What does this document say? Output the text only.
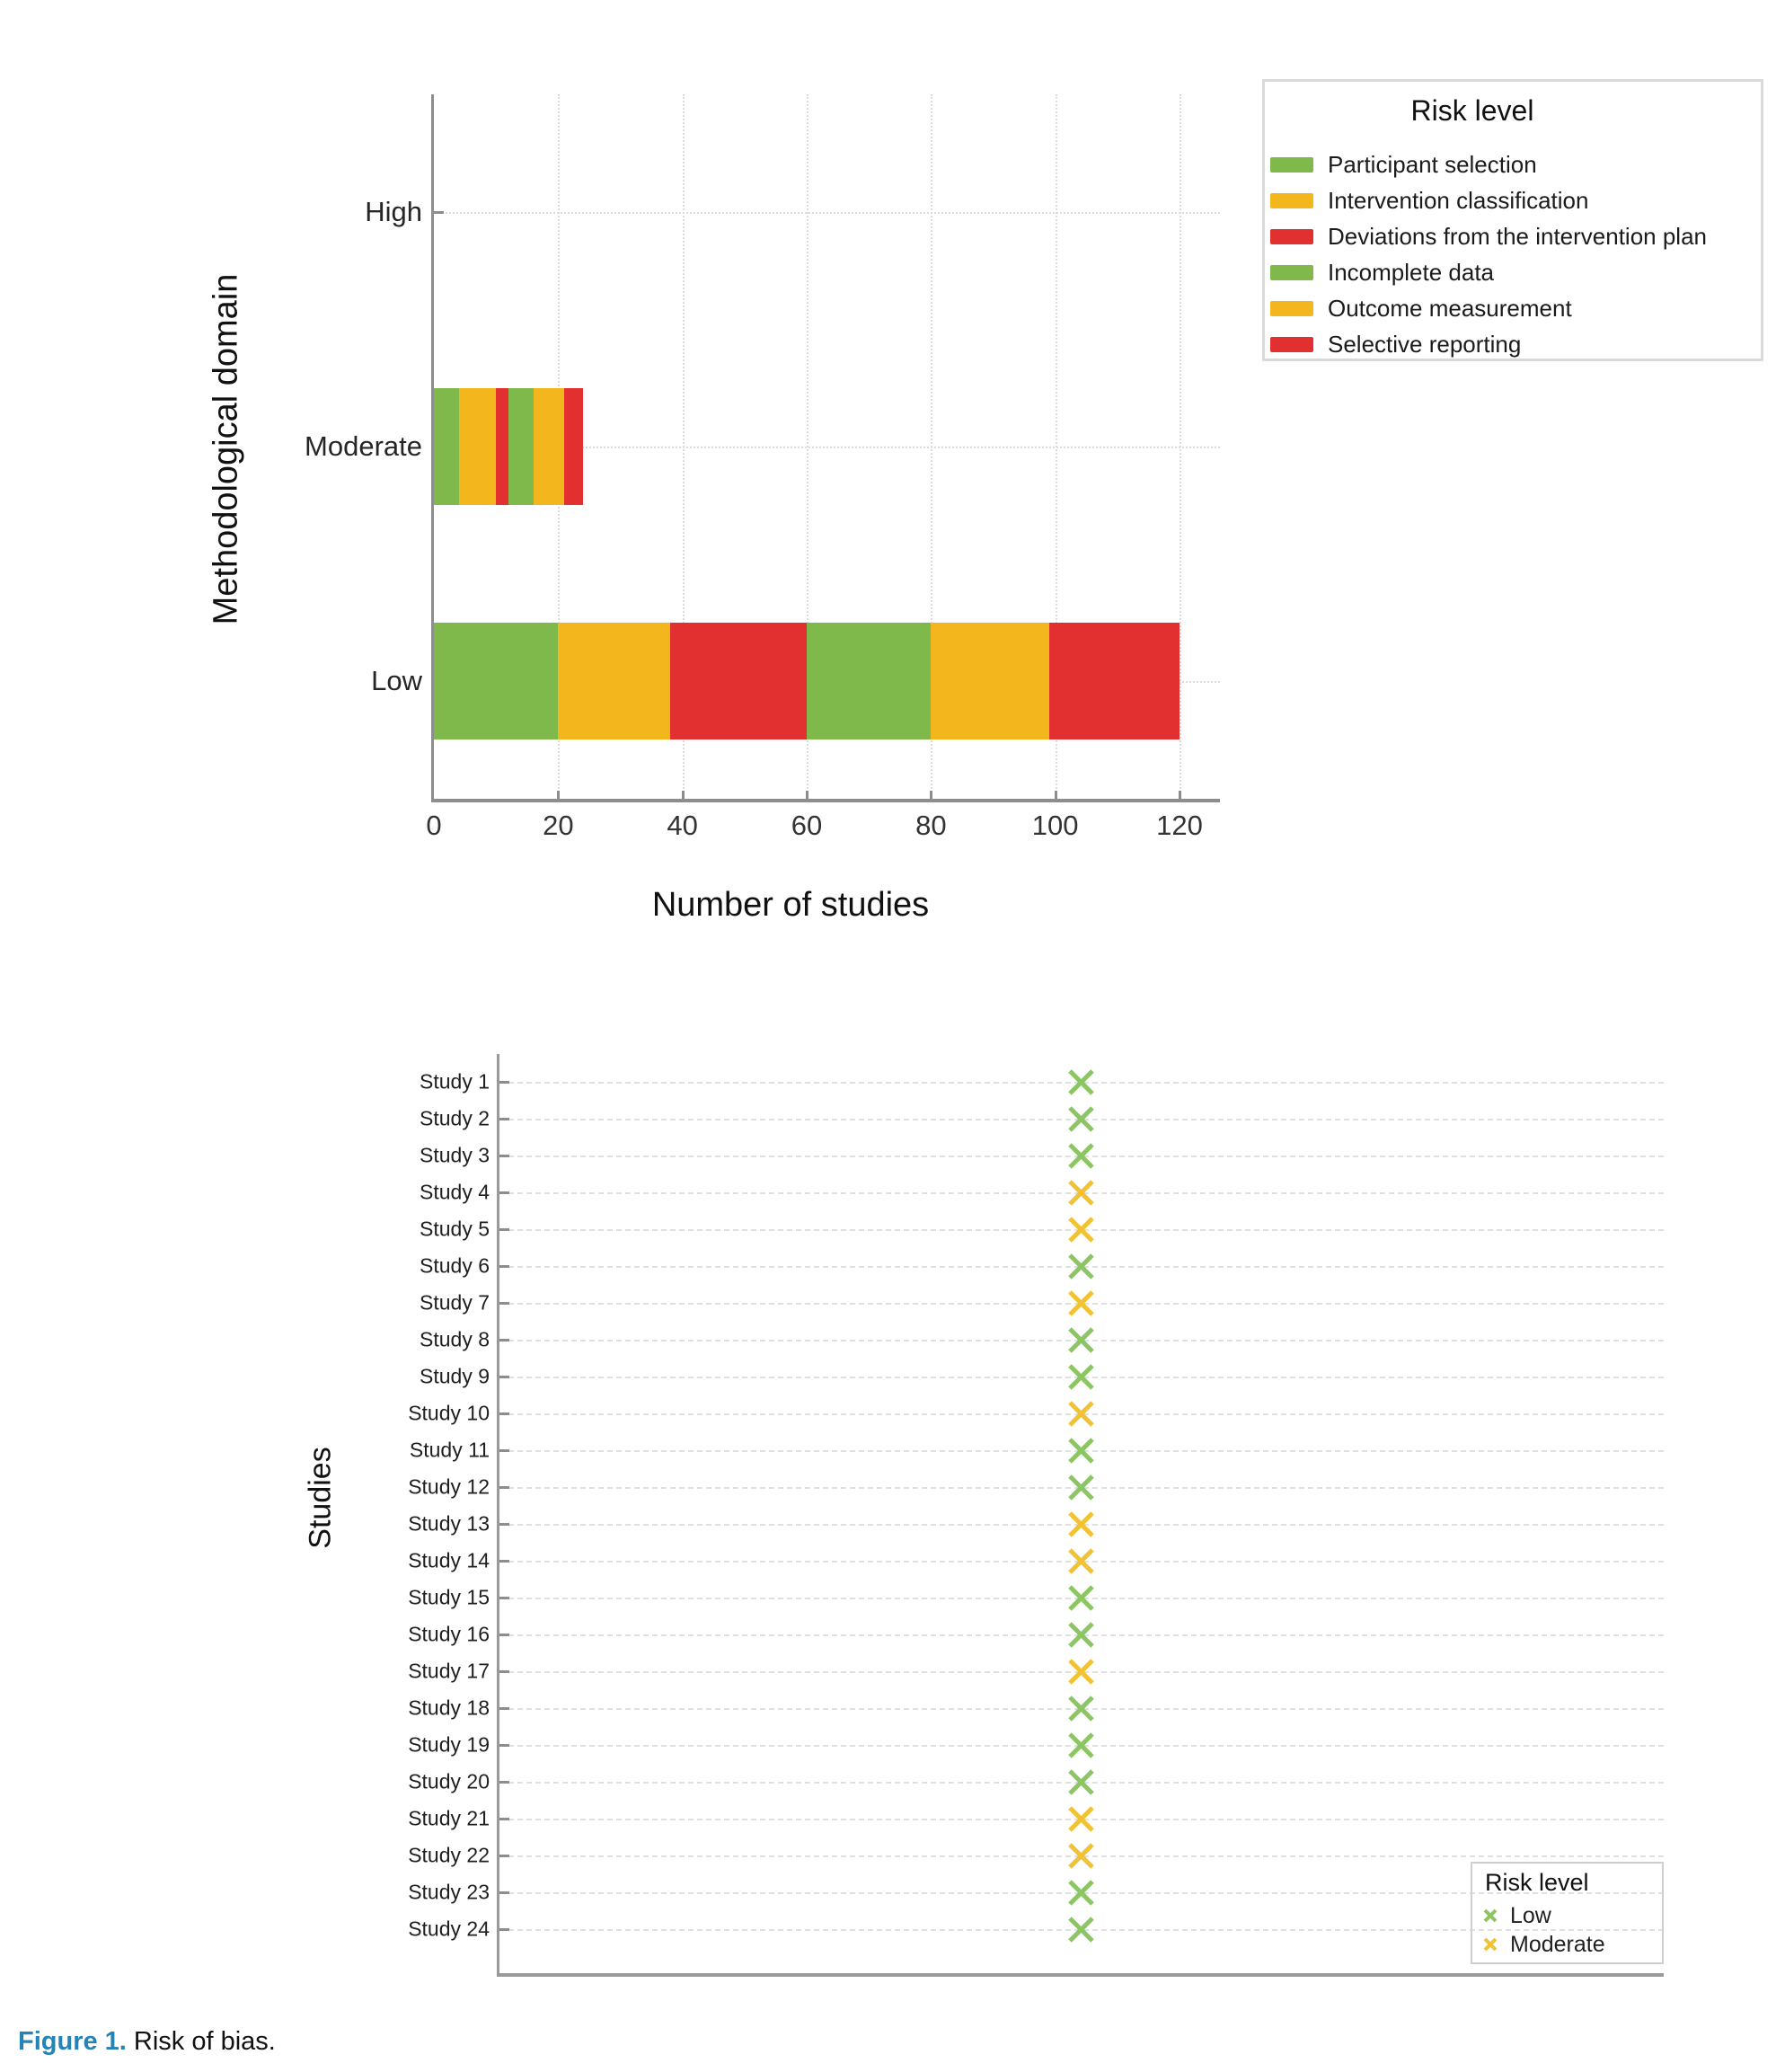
Methodological domain
Number of studies
High
Moderate
Low
0	20	40	60	80	100	120
Risk level
Participant selection
Intervention classification
Deviations from the intervention plan
Incomplete data
Outcome measurement
Selective reporting
Studies
Study 1
Study 2
Study 3
Study 4
Study 5
Study 6
Study 7
Study 8
Study 9
Study 10
Study 11
Study 12
Study 13
Study 14
Study 15
Study 16
Study 17
Study 18
Study 19
Study 20
Study 21
Study 22
Study 23
Study 24
Risk level
Low
Moderate
Figure 1. Risk of bias.
